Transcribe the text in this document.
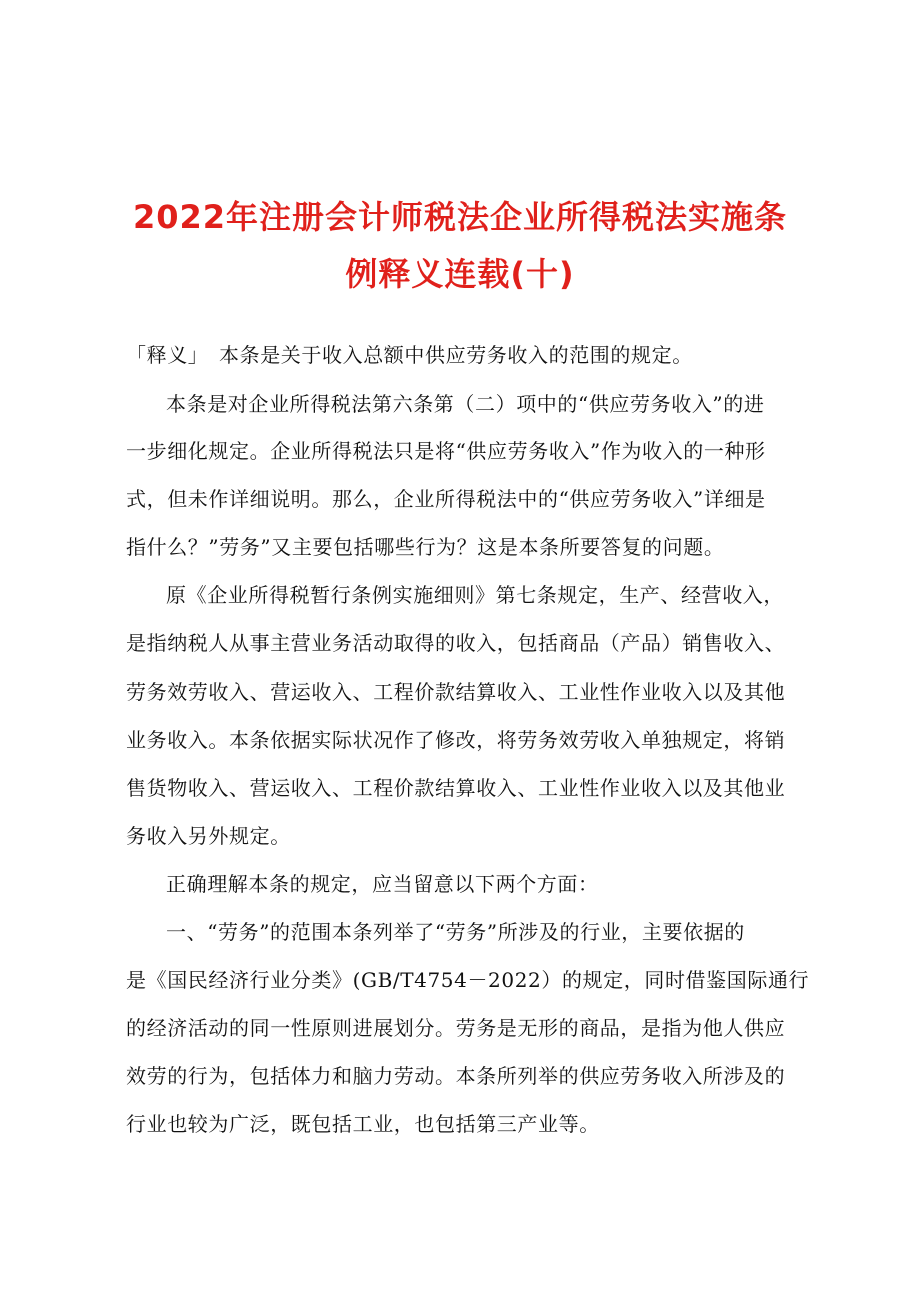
2022年注册会计师税法企业所得税法实施条
例释义连载(十)

「释义」　本条是关于收入总额中供应劳务收入的范围的规定。

本条是对企业所得税法第六条第（二）项中的“供应劳务收入”的进

一步细化规定。企业所得税法只是将“供应劳务收入”作为收入的一种形

式，但未作详细说明。那么，企业所得税法中的“供应劳务收入”详细是

指什么？”劳务”又主要包括哪些行为？这是本条所要答复的问题。

原《企业所得税暂行条例实施细则》第七条规定，生产、经营收入，

是指纳税人从事主营业务活动取得的收入，包括商品（产品）销售收入、

劳务效劳收入、营运收入、工程价款结算收入、工业性作业收入以及其他

业务收入。本条依据实际状况作了修改，将劳务效劳收入单独规定，将销

售货物收入、营运收入、工程价款结算收入、工业性作业收入以及其他业

务收入另外规定。

正确理解本条的规定，应当留意以下两个方面：

一、“劳务”的范围本条列举了“劳务”所涉及的行业，主要依据的

是《国民经济行业分类》(GB/T4754－2022）的规定，同时借鉴国际通行

的经济活动的同一性原则进展划分。劳务是无形的商品，是指为他人供应

效劳的行为，包括体力和脑力劳动。本条所列举的供应劳务收入所涉及的

行业也较为广泛，既包括工业，也包括第三产业等。
